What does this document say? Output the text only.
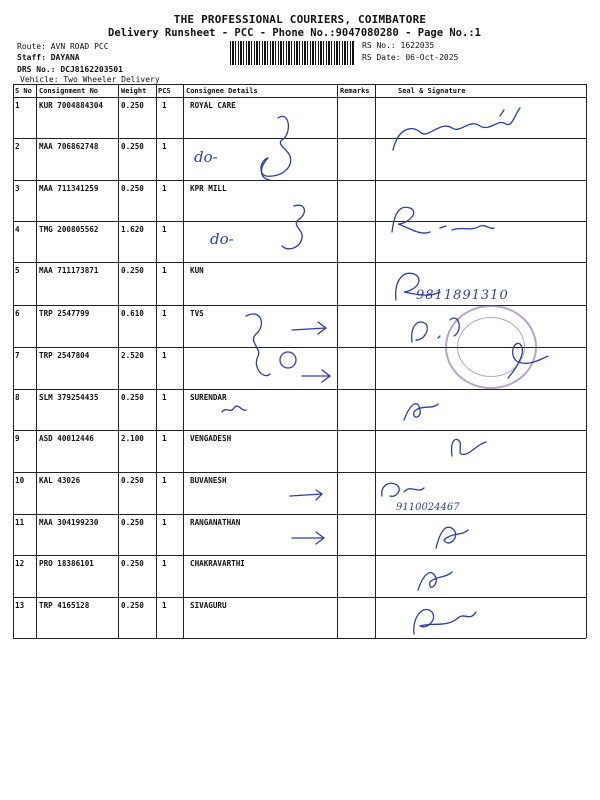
THE PROFESSIONAL COURIERS, COIMBATORE
Delivery Runsheet - PCC - Phone No.:9047080280 - Page No.:1
Route: AVN ROAD PCC
Staff: DAYANA
DRS No.: DCJ8162203501
Vehicle: Two Wheeler Delivery
RS No.: 1622035
RS Date: 06-Oct-2025
S No Consignment No	Weight PCS Consignee Details	Remarks	Seal & Signature
1	KUR 7004884304 0.250 1	ROYAL CARE
2	MAA 706862748	0.250 1
3	MAA 711341259	0.250 1	KPR MILL
4	TMG 200805562	1.620 1
5	MAA 711173871	0.250 1	KUN
6	TRP 2547799	0.610 1	TVS
7	TRP 2547804	2.520 1
8	SLM 379254435	0.250 1	SURENDAR
9	ASD 40012446	2.100 1	VENGADESH
10 KAL 43026	0.250 1	BUVANESH
11 MAA 304199230	0.250 1	RANGANATHAN
12 PRO 18386101	0.250 1	CHAKRAVARTHI
13 TRP 4165128	0.250 1	SIVAGURU
do-
do-
9811891310
9110024467
